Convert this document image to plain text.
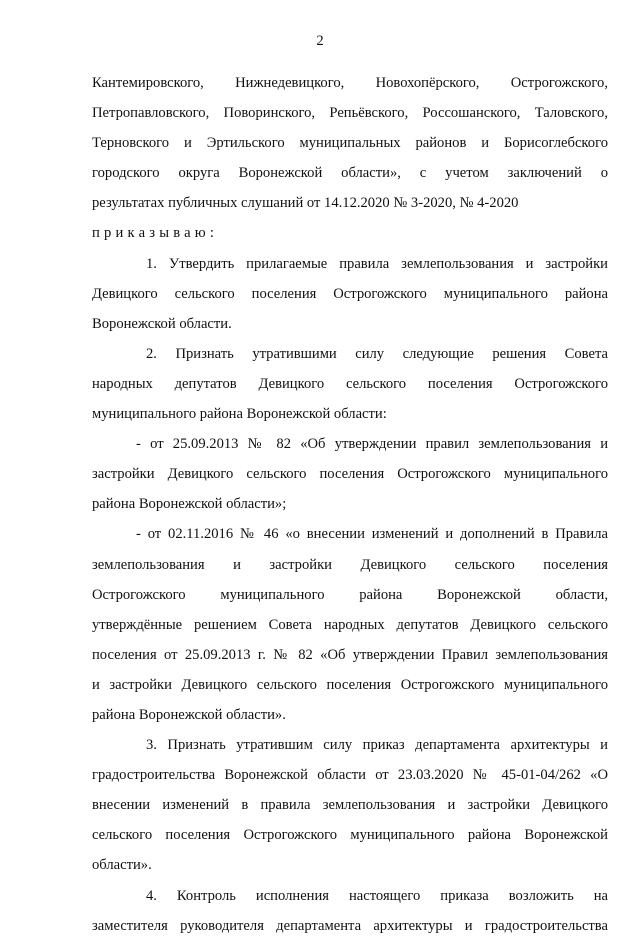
2
Кантемировского, Нижнедевицкого, Новохопёрского, Острогожского,
Петропавловского, Поворинского, Репьёвского, Россошанского, Таловского,
Терновского и Эртильского муниципальных районов и Борисоглебского
городского округа Воронежской области», с учетом заключений о
результатах публичных слушаний от 14.12.2020 № 3-2020, № 4-2020
приказываю:
1. Утвердить прилагаемые правила землепользования и застройки
Девицкого сельского поселения Острогожского муниципального района
Воронежской области.
2. Признать утратившими силу следующие решения Совета
народных депутатов Девицкого сельского поселения Острогожского
муниципального района Воронежской области:
- от 25.09.2013 № 82 «Об утверждении правил землепользования и
застройки Девицкого сельского поселения Острогожского муниципального
района Воронежской области»;
- от 02.11.2016 № 46 «о внесении изменений и дополнений в Правила
землепользования и застройки Девицкого сельского поселения
Острогожского муниципального района Воронежской области,
утверждённые решением Совета народных депутатов Девицкого сельского
поселения от 25.09.2013 г. № 82 «Об утверждении Правил землепользования
и застройки Девицкого сельского поселения Острогожского муниципального
района Воронежской области».
3. Признать утратившим силу приказ департамента архитектуры и
градостроительства Воронежской области от 23.03.2020 № 45-01-04/262 «О
внесении изменений в правила землепользования и застройки Девицкого
сельского поселения Острогожского муниципального района Воронежской
области».
4. Контроль исполнения настоящего приказа возложить на
заместителя руководителя департамента архитектуры и градостроительства
